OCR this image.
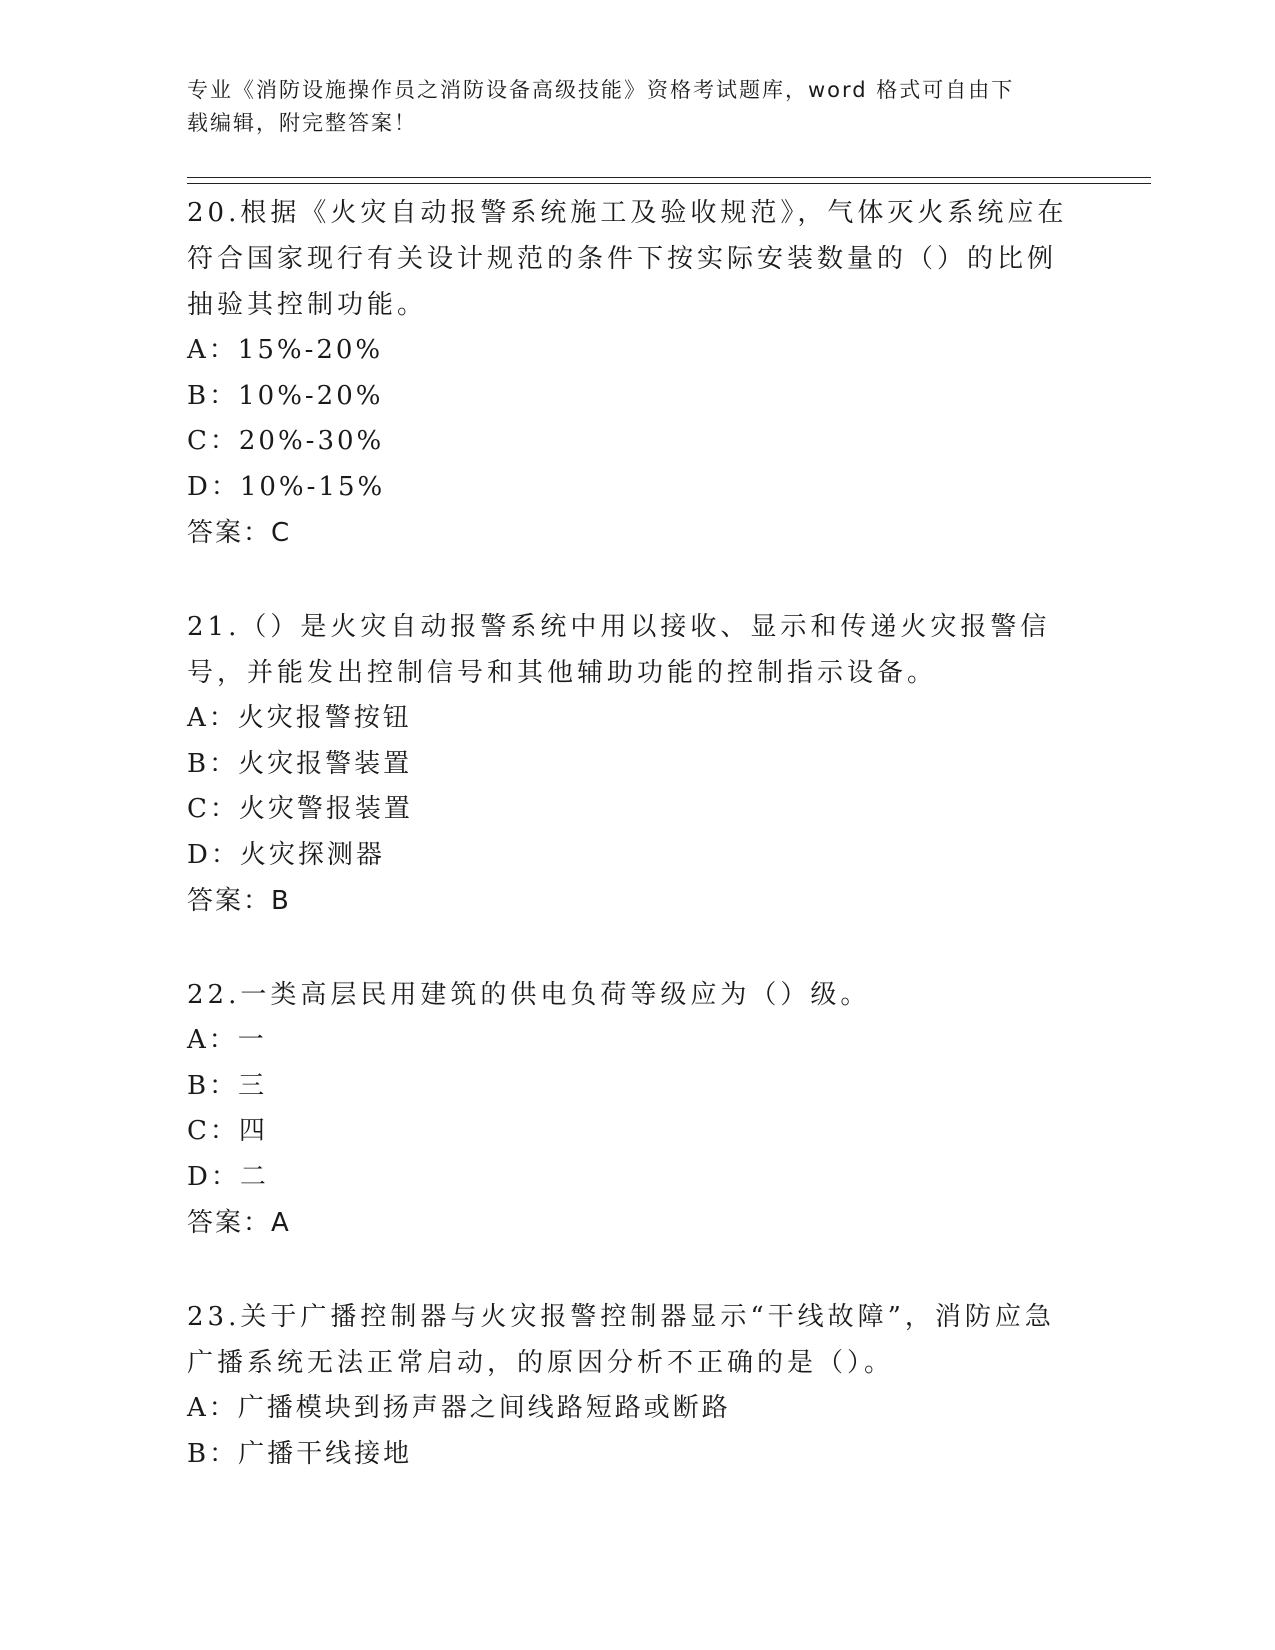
专业《消防设施操作员之消防设备高级技能》资格考试题库，word 格式可自由下
载编辑，附完整答案！

20.根据《火灾自动报警系统施工及验收规范》，气体灭火系统应在符合国家现行有关设计规范的条件下按实际安装数量的（）的比例抽验其控制功能。

A：15%-20%

B：10%-20%

C：20%-30%

D：10%-15%

答案：C

21.（）是火灾自动报警系统中用以接收、显示和传递火灾报警信号，并能发出控制信号和其他辅助功能的控制指示设备。

A：火灾报警按钮

B：火灾报警装置

C：火灾警报装置

D：火灾探测器

答案：B

22.一类高层民用建筑的供电负荷等级应为（）级。

A：一

B：三

C：四

D：二

答案：A

23.关于广播控制器与火灾报警控制器显示“干线故障”，消防应急广播系统无法正常启动，的原因分析不正确的是（）。

A：广播模块到扬声器之间线路短路或断路

B：广播干线接地
